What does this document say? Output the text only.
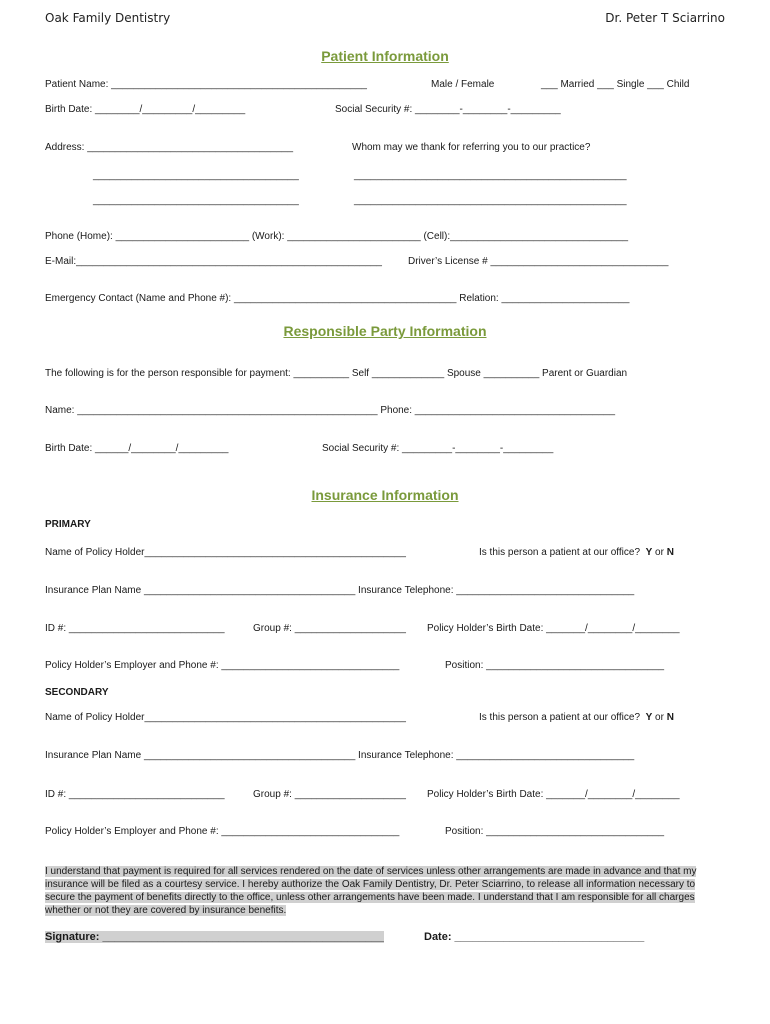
Oak Family Dentistry	Dr. Peter T Sciarrino
Patient Information
Patient Name: ______________________________________________	Male / Female	___ Married ___ Single ___ Child
Birth Date: ________/_________/_________	Social Security #: ________-________-_________
Address: _____________________________________	Whom may we thank for referring you to our practice?
_____________________________________	_________________________________________________
_____________________________________	_________________________________________________
Phone (Home): ________________________ (Work): ________________________ (Cell):________________________________
E-Mail:_______________________________________________________	Driver’s License # ________________________________
Emergency Contact (Name and Phone #): ________________________________________ Relation: _______________________
Responsible Party Information
The following is for the person responsible for payment: __________ Self _____________ Spouse __________ Parent or Guardian
Name: ______________________________________________________ Phone: ____________________________________
Birth Date: ______/________/_________	Social Security #: _________-________-_________
Insurance Information
PRIMARY
Name of Policy Holder_______________________________________________	Is this person a patient at our office? Y or N
Insurance Plan Name ______________________________________ Insurance Telephone: ________________________________
ID #: ____________________________	Group #: ____________________ Policy Holder’s Birth Date: _______/________/________
Policy Holder’s Employer and Phone #: ________________________________	Position: ________________________________
SECONDARY
Name of Policy Holder_______________________________________________	Is this person a patient at our office? Y or N
Insurance Plan Name ______________________________________ Insurance Telephone: ________________________________
ID #: ____________________________	Group #: ____________________ Policy Holder’s Birth Date: _______/________/________
Policy Holder’s Employer and Phone #: ________________________________	Position: ________________________________
I understand that payment is required for all services rendered on the date of services unless other arrangements are made in advance and that my insurance will be filed as a courtesy service. I hereby authorize the Oak Family Dentistry, Dr. Peter Sciarrino, to release all information necessary to secure the payment of benefits directly to the office, unless other arrangements have been made. I understand that I am responsible for all charges whether or not they are covered by insurance benefits.
Signature: ______________________________________________	Date: _______________________________
